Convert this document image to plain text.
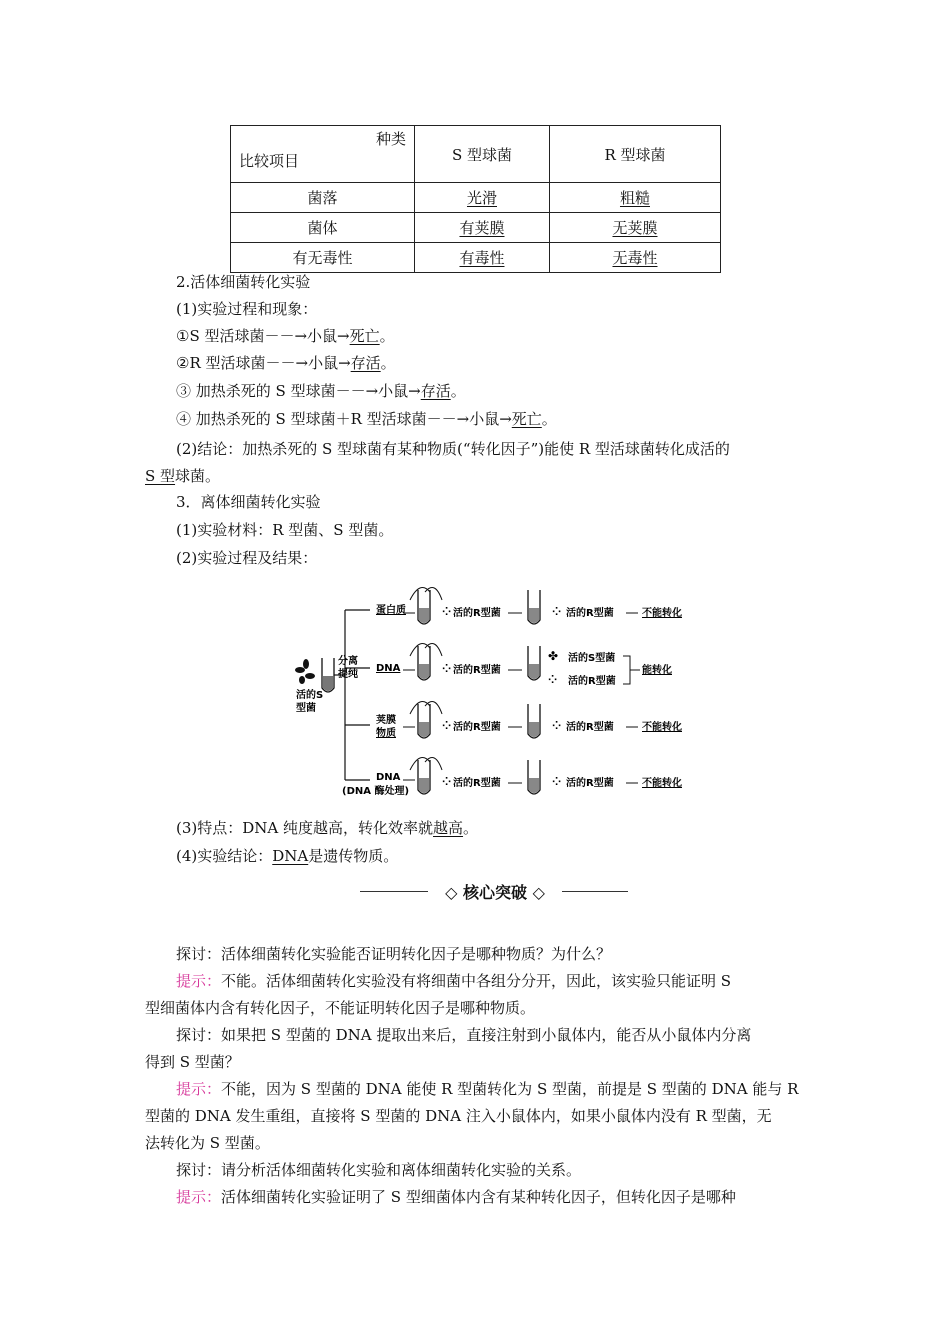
种类
比较项目	S 型球菌	R 型球菌
菌落	光滑	粗糙
菌体	有荚膜	无荚膜
有无毒性	有毒性	无毒性
2.活体细菌转化实验
(1)实验过程和现象：
①S 型活球菌－－→小鼠→死亡。
②R 型活球菌－－→小鼠→存活。
③ 加热杀死的 S 型球菌－－→小鼠→存活。
④ 加热杀死的 S 型球菌＋R 型活球菌－－→小鼠→死亡。
(2)结论：加热杀死的 S 型球菌有某种物质(“转化因子”)能使 R 型活球菌转化成活的
S 型球菌。
3．离体细菌转化实验
(1)实验材料：R 型菌、S 型菌。
(2)实验过程及结果：
活的S
型菌
分离
提纯
蛋白质
DNA
荚膜
物质
DNA
(DNA 酶处理)
⁘ 活的R型菌	⁘ 活的R型菌	不能转化
⁘ 活的R型菌
✤ 活的S型菌
⁘ 活的R型菌
能转化
⁘ 活的R型菌	⁘ 活的R型菌	不能转化
⁘ 活的R型菌	⁘ 活的R型菌	不能转化
(3)特点：DNA 纯度越高，转化效率就越高。
(4)实验结论：DNA是遗传物质。
◇ 核心突破 ◇
探讨：活体细菌转化实验能否证明转化因子是哪种物质？为什么？
提示：不能。活体细菌转化实验没有将细菌中各组分分开，因此，该实验只能证明 S
型细菌体内含有转化因子，不能证明转化因子是哪种物质。
探讨：如果把 S 型菌的 DNA 提取出来后，直接注射到小鼠体内，能否从小鼠体内分离
得到 S 型菌？
提示：不能，因为 S 型菌的 DNA 能使 R 型菌转化为 S 型菌，前提是 S 型菌的 DNA 能与 R
型菌的 DNA 发生重组，直接将 S 型菌的 DNA 注入小鼠体内，如果小鼠体内没有 R 型菌，无
法转化为 S 型菌。
探讨：请分析活体细菌转化实验和离体细菌转化实验的关系。
提示：活体细菌转化实验证明了 S 型细菌体内含有某种转化因子，但转化因子是哪种
